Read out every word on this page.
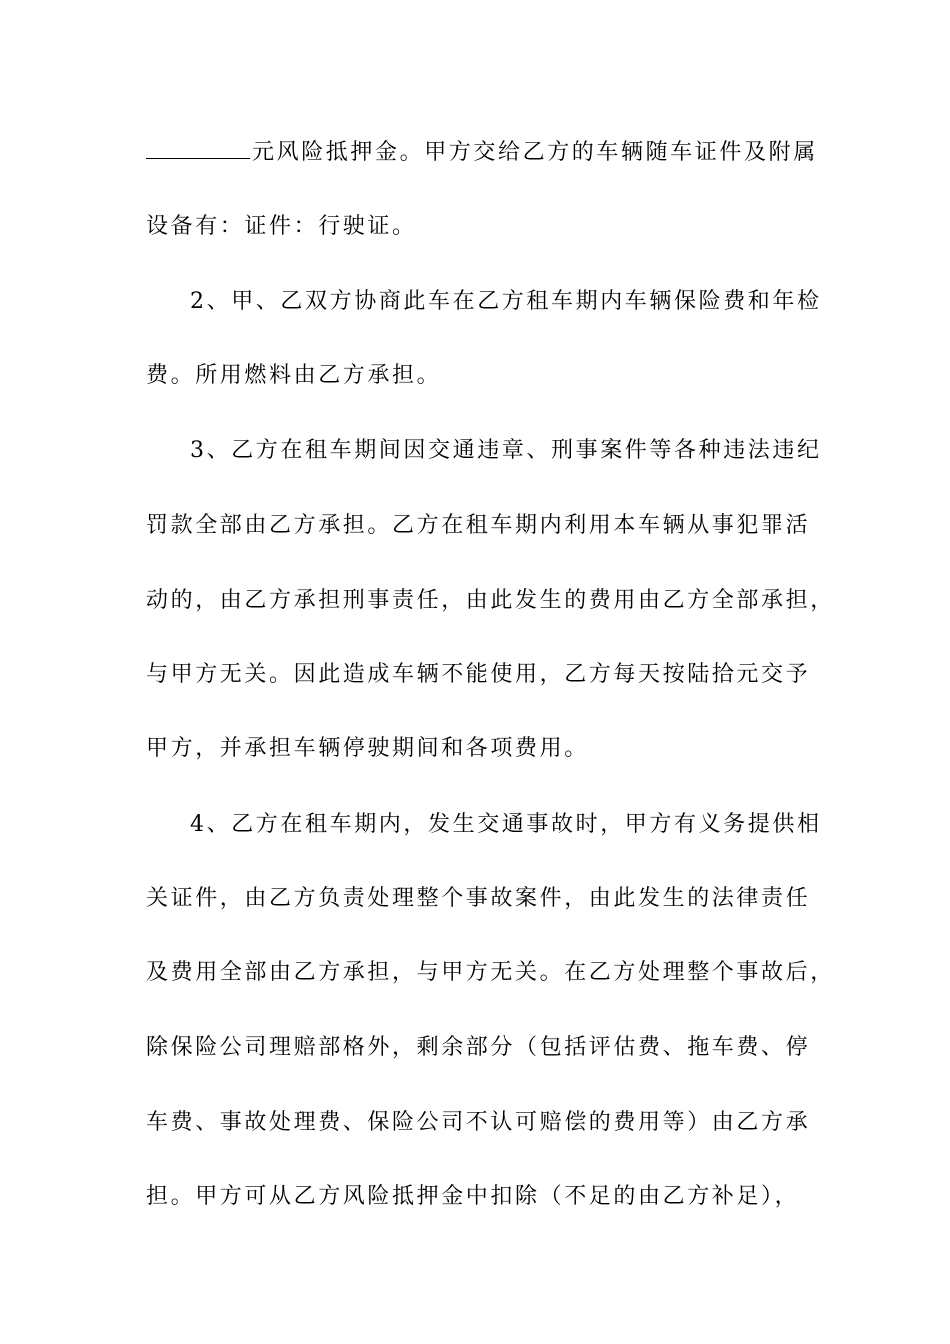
元风险抵押金。甲方交给乙方的车辆随车证件及附属
设备有：证件：行驶证。
2、甲、乙双方协商此车在乙方租车期内车辆保险费和年检
费。所用燃料由乙方承担。
3、乙方在租车期间因交通违章、刑事案件等各种违法违纪
罚款全部由乙方承担。乙方在租车期内利用本车辆从事犯罪活
动的，由乙方承担刑事责任，由此发生的费用由乙方全部承担，
与甲方无关。因此造成车辆不能使用，乙方每天按陆拾元交予
甲方，并承担车辆停驶期间和各项费用。
4、乙方在租车期内，发生交通事故时，甲方有义务提供相
关证件，由乙方负责处理整个事故案件，由此发生的法律责任
及费用全部由乙方承担，与甲方无关。在乙方处理整个事故后，
除保险公司理赔部格外，剩余部分（包括评估费、拖车费、停
车费、事故处理费、保险公司不认可赔偿的费用等）由乙方承
担。甲方可从乙方风险抵押金中扣除（不足的由乙方补足），
